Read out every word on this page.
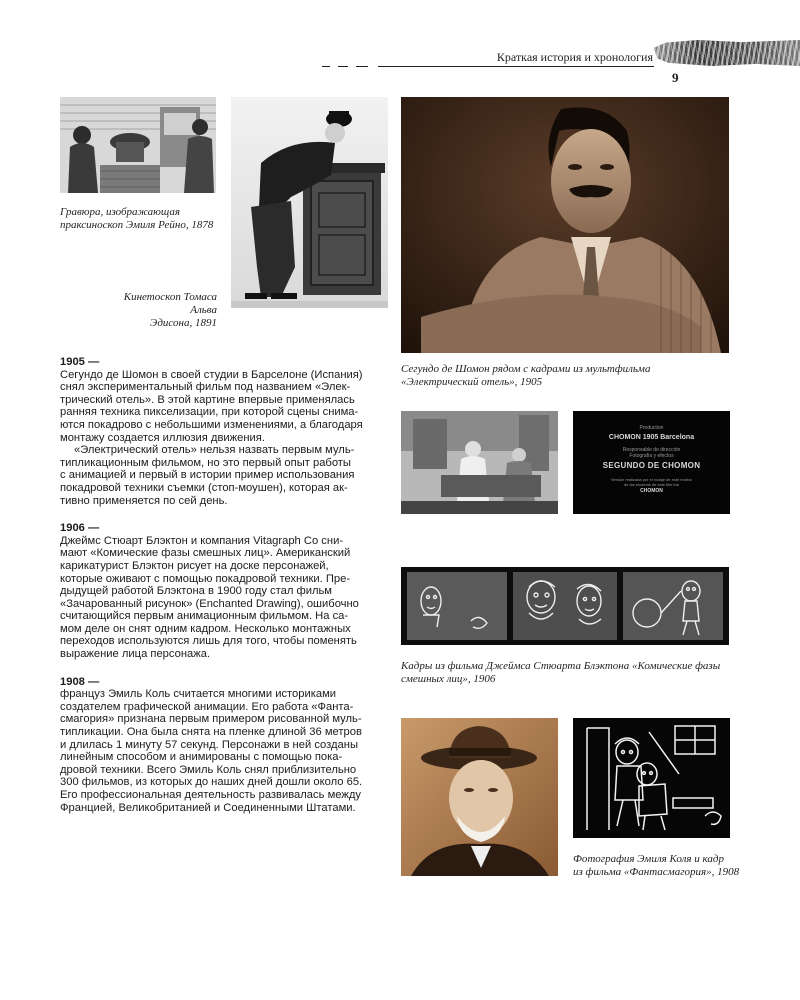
Краткая история и хронология
9
Гравюра, изображающая
праксиноскоп Эмиля Рейно, 1878
Кинетоскоп Томаса Альва
Эдисона, 1891
Сегундо де Шомон рядом с кадрами из мультфильма
«Электрический отель», 1905
Production
CHOMON 1905 Barcelona
Responsable de dirección
Fotografía y efectos
SEGUNDO DE CHOMON
Versión realizada por el rodaje de este motivo
de las escenas de este film fue
CHOMON
Кадры из фильма Джеймса Стюарта Блэктона «Комические фазы
смешных лиц», 1906
Фотография Эмиля Коля и кадр
из фильма «Фантасмагория», 1908
1905 —
Сегундо де Шомон в своей студии в Барселоне (Испания)
снял экспериментальный фильм под названием «Элек-
трический отель». В этой картине впервые применялась
ранняя техника пикселизации, при которой сцены снима-
ются покадрово с небольшими изменениями, а благодаря
монтажу создается иллюзия движения.
«Электрический отель» нельзя назвать первым муль-
типликационным фильмом, но это первый опыт работы
с анимацией и первый в истории пример использования
покадровой техники съемки (стоп-моушен), которая ак-
тивно применяется по сей день.
1906 —
Джеймс Стюарт Блэктон и компания Vitagraph Co сни-
мают «Комические фазы смешных лиц». Американский
карикатурист Блэктон рисует на доске персонажей,
которые оживают с помощью покадровой техники. Пре-
дыдущей работой Блэктона в 1900 году стал фильм
«Зачарованный рисунок» (Enchanted Drawing), ошибочно
считающийся первым анимационным фильмом. На са-
мом деле он снят одним кадром. Несколько монтажных
переходов используются лишь для того, чтобы поменять
выражение лица персонажа.
1908 —
француз Эмиль Коль считается многими историками
создателем графической анимации. Его работа «Фанта-
смагория» признана первым примером рисованной муль-
типликации. Она была снята на пленке длиной 36 метров
и длилась 1 минуту 57 секунд. Персонажи в ней созданы
линейным способом и анимированы с помощью пока-
дровой техники. Всего Эмиль Коль снял приблизительно
300 фильмов, из которых до наших дней дошли около 65.
Его профессиональная деятельность развивалась между
Францией, Великобританией и Соединенными Штатами.
